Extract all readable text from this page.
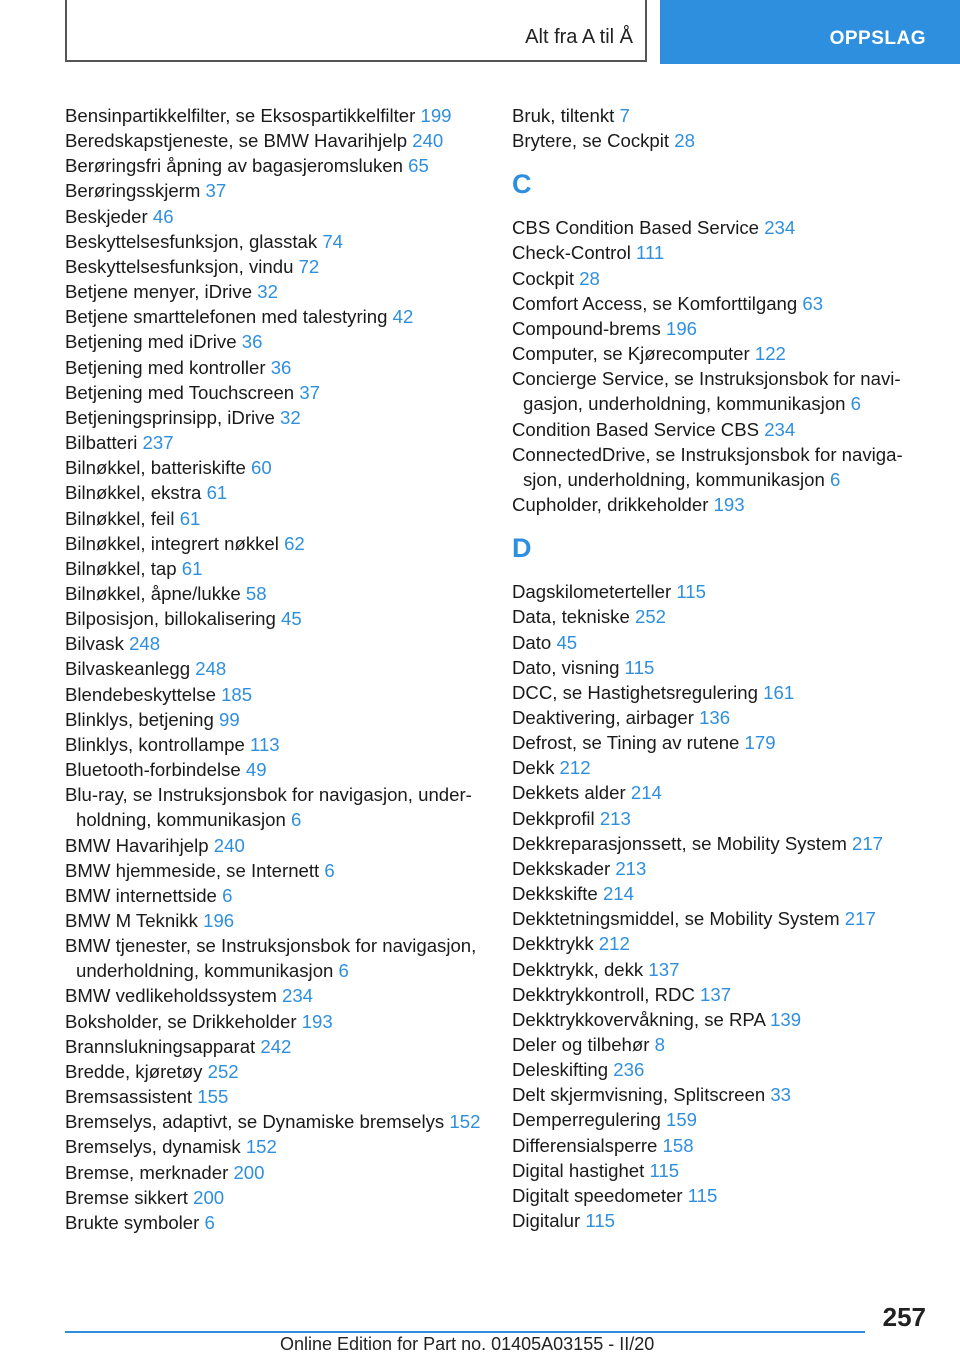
Alt fra A til Å	OPPSLAG
Bensinpartikkelfilter, se Eksospartikkelfilter 199
Beredskapstjeneste, se BMW Havarihjelp 240
Berøringsfri åpning av bagasjeromsluken 65
Berøringsskjerm 37
Beskjeder 46
Beskyttelsesfunksjon, glasstak 74
Beskyttelsesfunksjon, vindu 72
Betjene menyer, iDrive 32
Betjene smarttelefonen med talestyring 42
Betjening med iDrive 36
Betjening med kontroller 36
Betjening med Touchscreen 37
Betjeningsprinsipp, iDrive 32
Bilbatteri 237
Bilnøkkel, batteriskifte 60
Bilnøkkel, ekstra 61
Bilnøkkel, feil 61
Bilnøkkel, integrert nøkkel 62
Bilnøkkel, tap 61
Bilnøkkel, åpne/lukke 58
Bilposisjon, billokalisering 45
Bilvask 248
Bilvaskeanlegg 248
Blendebeskyttelse 185
Blinklys, betjening 99
Blinklys, kontrollampe 113
Bluetooth-forbindelse 49
Blu-ray, se Instruksjonsbok for navigasjon, underholdning, kommunikasjon 6
BMW Havarihjelp 240
BMW hjemmeside, se Internett 6
BMW internettside 6
BMW M Teknikk 196
BMW tjenester, se Instruksjonsbok for navigasjon, underholdning, kommunikasjon 6
BMW vedlikeholdssystem 234
Boksholder, se Drikkeholder 193
Brannslukningsapparat 242
Bredde, kjøretøy 252
Bremsassistent 155
Bremselys, adaptivt, se Dynamiske bremselys 152
Bremselys, dynamisk 152
Bremse, merknader 200
Bremse sikkert 200
Brukte symboler 6
Bruk, tiltenkt 7
Brytere, se Cockpit 28
C
CBS Condition Based Service 234
Check-Control 111
Cockpit 28
Comfort Access, se Komforttilgang 63
Compound-brems 196
Computer, se Kjørecomputer 122
Concierge Service, se Instruksjonsbok for navigasjon, underholdning, kommunikasjon 6
Condition Based Service CBS 234
ConnectedDrive, se Instruksjonsbok for navigasjon, underholdning, kommunikasjon 6
Cupholder, drikkeholder 193
D
Dagskilometerteller 115
Data, tekniske 252
Dato 45
Dato, visning 115
DCC, se Hastighetsregulering 161
Deaktivering, airbager 136
Defrost, se Tining av rutene 179
Dekk 212
Dekkets alder 214
Dekkprofil 213
Dekkreparasjonssett, se Mobility System 217
Dekkskader 213
Dekkskifte 214
Dekktetningsmiddel, se Mobility System 217
Dekktrykk 212
Dekktrykk, dekk 137
Dekktrykkontroll, RDC 137
Dekktrykkovervåkning, se RPA 139
Deler og tilbehør 8
Deleskifting 236
Delt skjermvisning, Splitscreen 33
Demperregulering 159
Differensialsperre 158
Digital hastighet 115
Digitalt speedometer 115
Digitalur 115
257
Online Edition for Part no. 01405A03155 - II/20
